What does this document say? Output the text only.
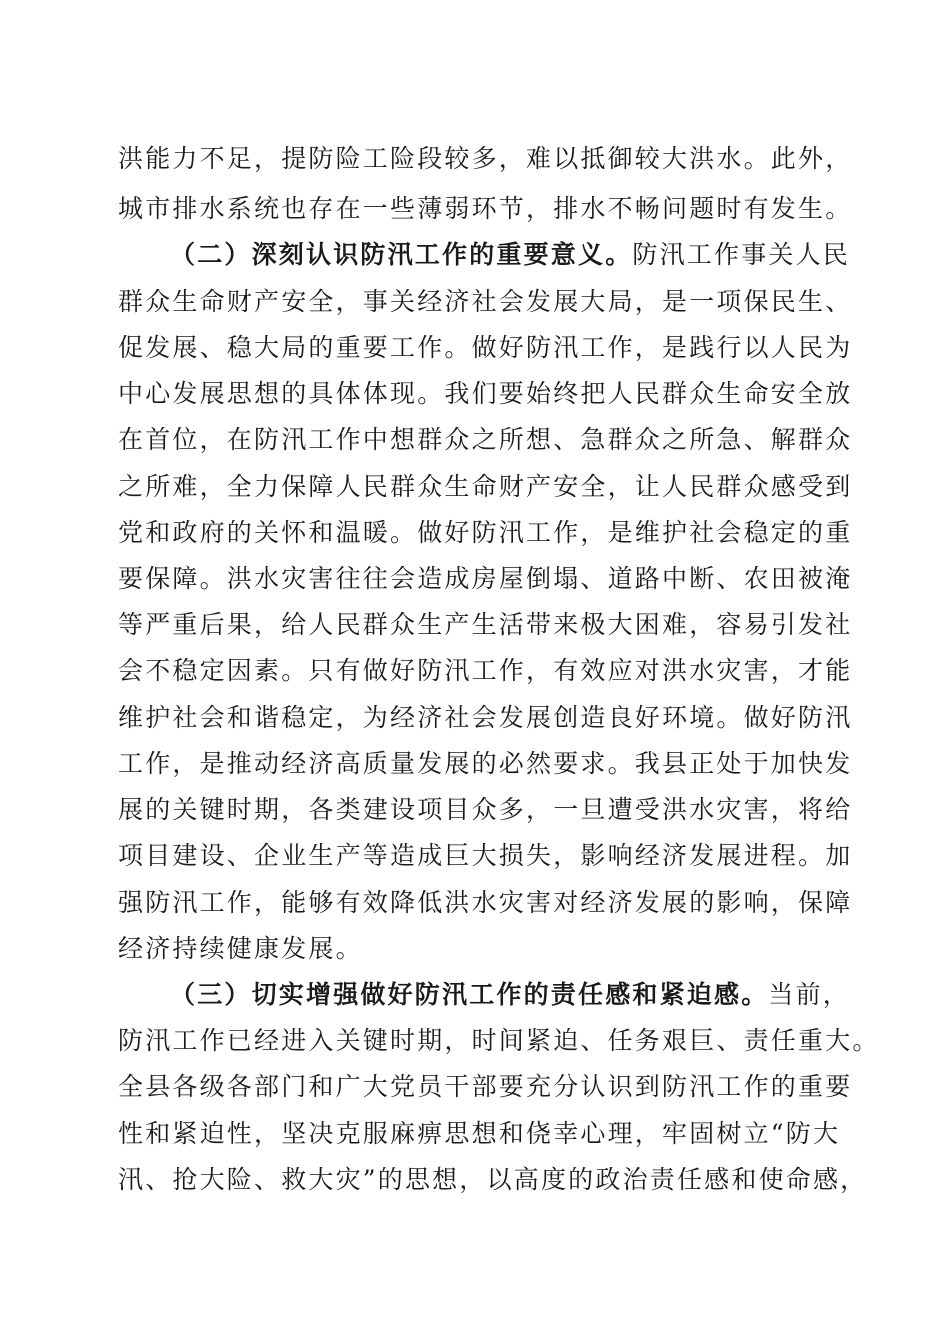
洪能力不足，提防险工险段较多，难以抵御较大洪水。此外，
城市排水系统也存在一些薄弱环节，排水不畅问题时有发生。
（二）深刻认识防汛工作的重要意义。防汛工作事关人民
群众生命财产安全，事关经济社会发展大局，是一项保民生、
促发展、稳大局的重要工作。做好防汛工作，是践行以人民为
中心发展思想的具体体现。我们要始终把人民群众生命安全放
在首位，在防汛工作中想群众之所想、急群众之所急、解群众
之所难，全力保障人民群众生命财产安全，让人民群众感受到
党和政府的关怀和温暖。做好防汛工作，是维护社会稳定的重
要保障。洪水灾害往往会造成房屋倒塌、道路中断、农田被淹
等严重后果，给人民群众生产生活带来极大困难，容易引发社
会不稳定因素。只有做好防汛工作，有效应对洪水灾害，才能
维护社会和谐稳定，为经济社会发展创造良好环境。做好防汛
工作，是推动经济高质量发展的必然要求。我县正处于加快发
展的关键时期，各类建设项目众多，一旦遭受洪水灾害，将给
项目建设、企业生产等造成巨大损失，影响经济发展进程。加
强防汛工作，能够有效降低洪水灾害对经济发展的影响，保障
经济持续健康发展。
（三）切实增强做好防汛工作的责任感和紧迫感。当前，
防汛工作已经进入关键时期，时间紧迫、任务艰巨、责任重大。
全县各级各部门和广大党员干部要充分认识到防汛工作的重要
性和紧迫性，坚决克服麻痹思想和侥幸心理，牢固树立“防大
汛、抢大险、救大灾”的思想，以高度的政治责任感和使命感，
